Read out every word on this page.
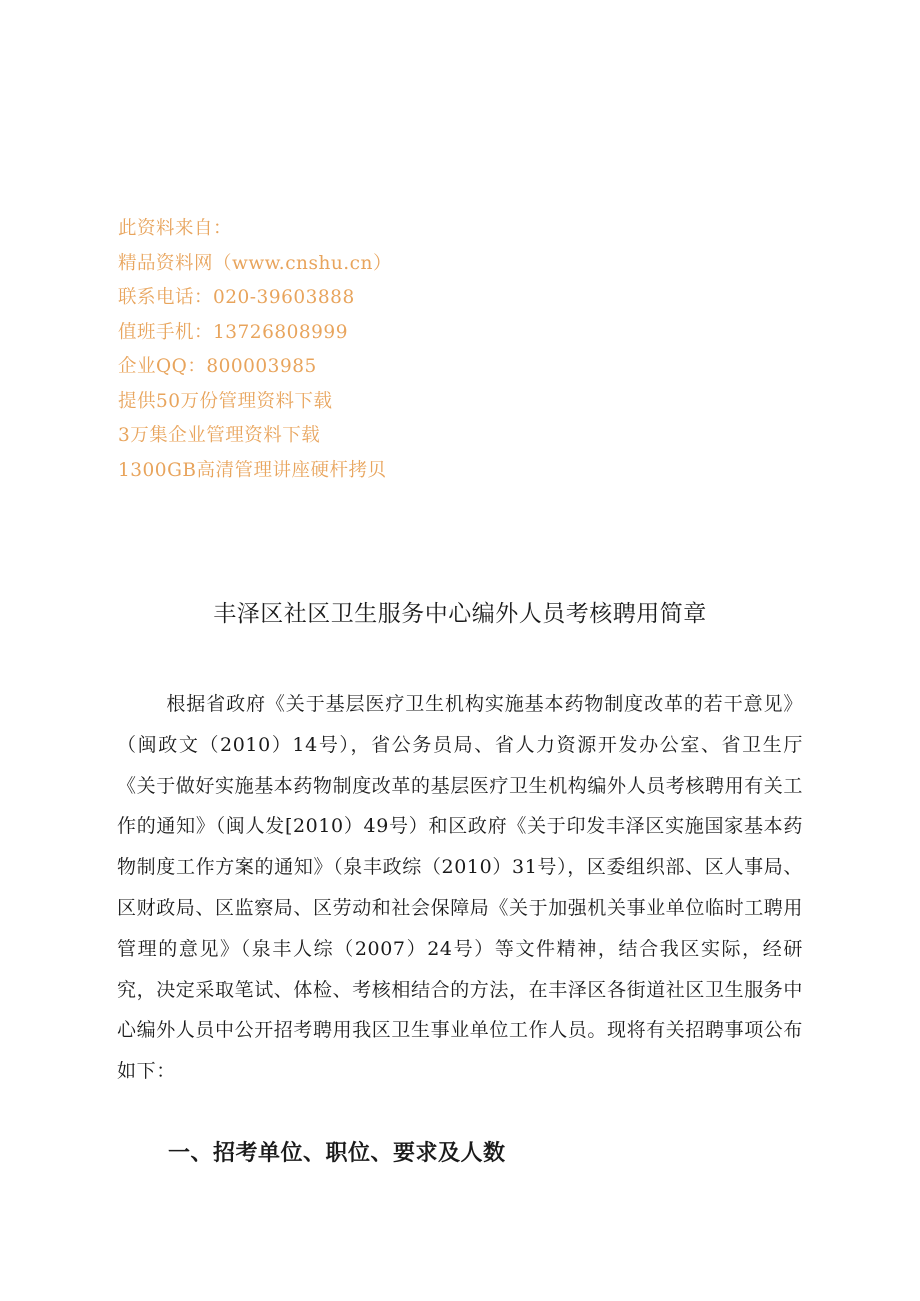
此资料来自：
精品资料网（www.cnshu.cn）
联系电话：020-39603888
值班手机：13726808999
企业QQ：800003985
提供50万份管理资料下载
3万集企业管理资料下载
1300GB高清管理讲座硬杆拷贝
丰泽区社区卫生服务中心编外人员考核聘用简章

根据省政府《关于基层医疗卫生机构实施基本药物制度改革的若干意见》（闽政文（2010）14号），省公务员局、省人力资源开发办公室、省卫生厅《关于做好实施基本药物制度改革的基层医疗卫生机构编外人员考核聘用有关工作的通知》（闽人发[2010）49号）和区政府《关于印发丰泽区实施国家基本药物制度工作方案的通知》（泉丰政综（2010）31号），区委组织部、区人事局、区财政局、区监察局、区劳动和社会保障局《关于加强机关事业单位临时工聘用管理的意见》（泉丰人综（2007）24号）等文件精神，结合我区实际，经研究，决定采取笔试、体检、考核相结合的方法，在丰泽区各街道社区卫生服务中心编外人员中公开招考聘用我区卫生事业单位工作人员。现将有关招聘事项公布如下：

一、招考单位、职位、要求及人数
